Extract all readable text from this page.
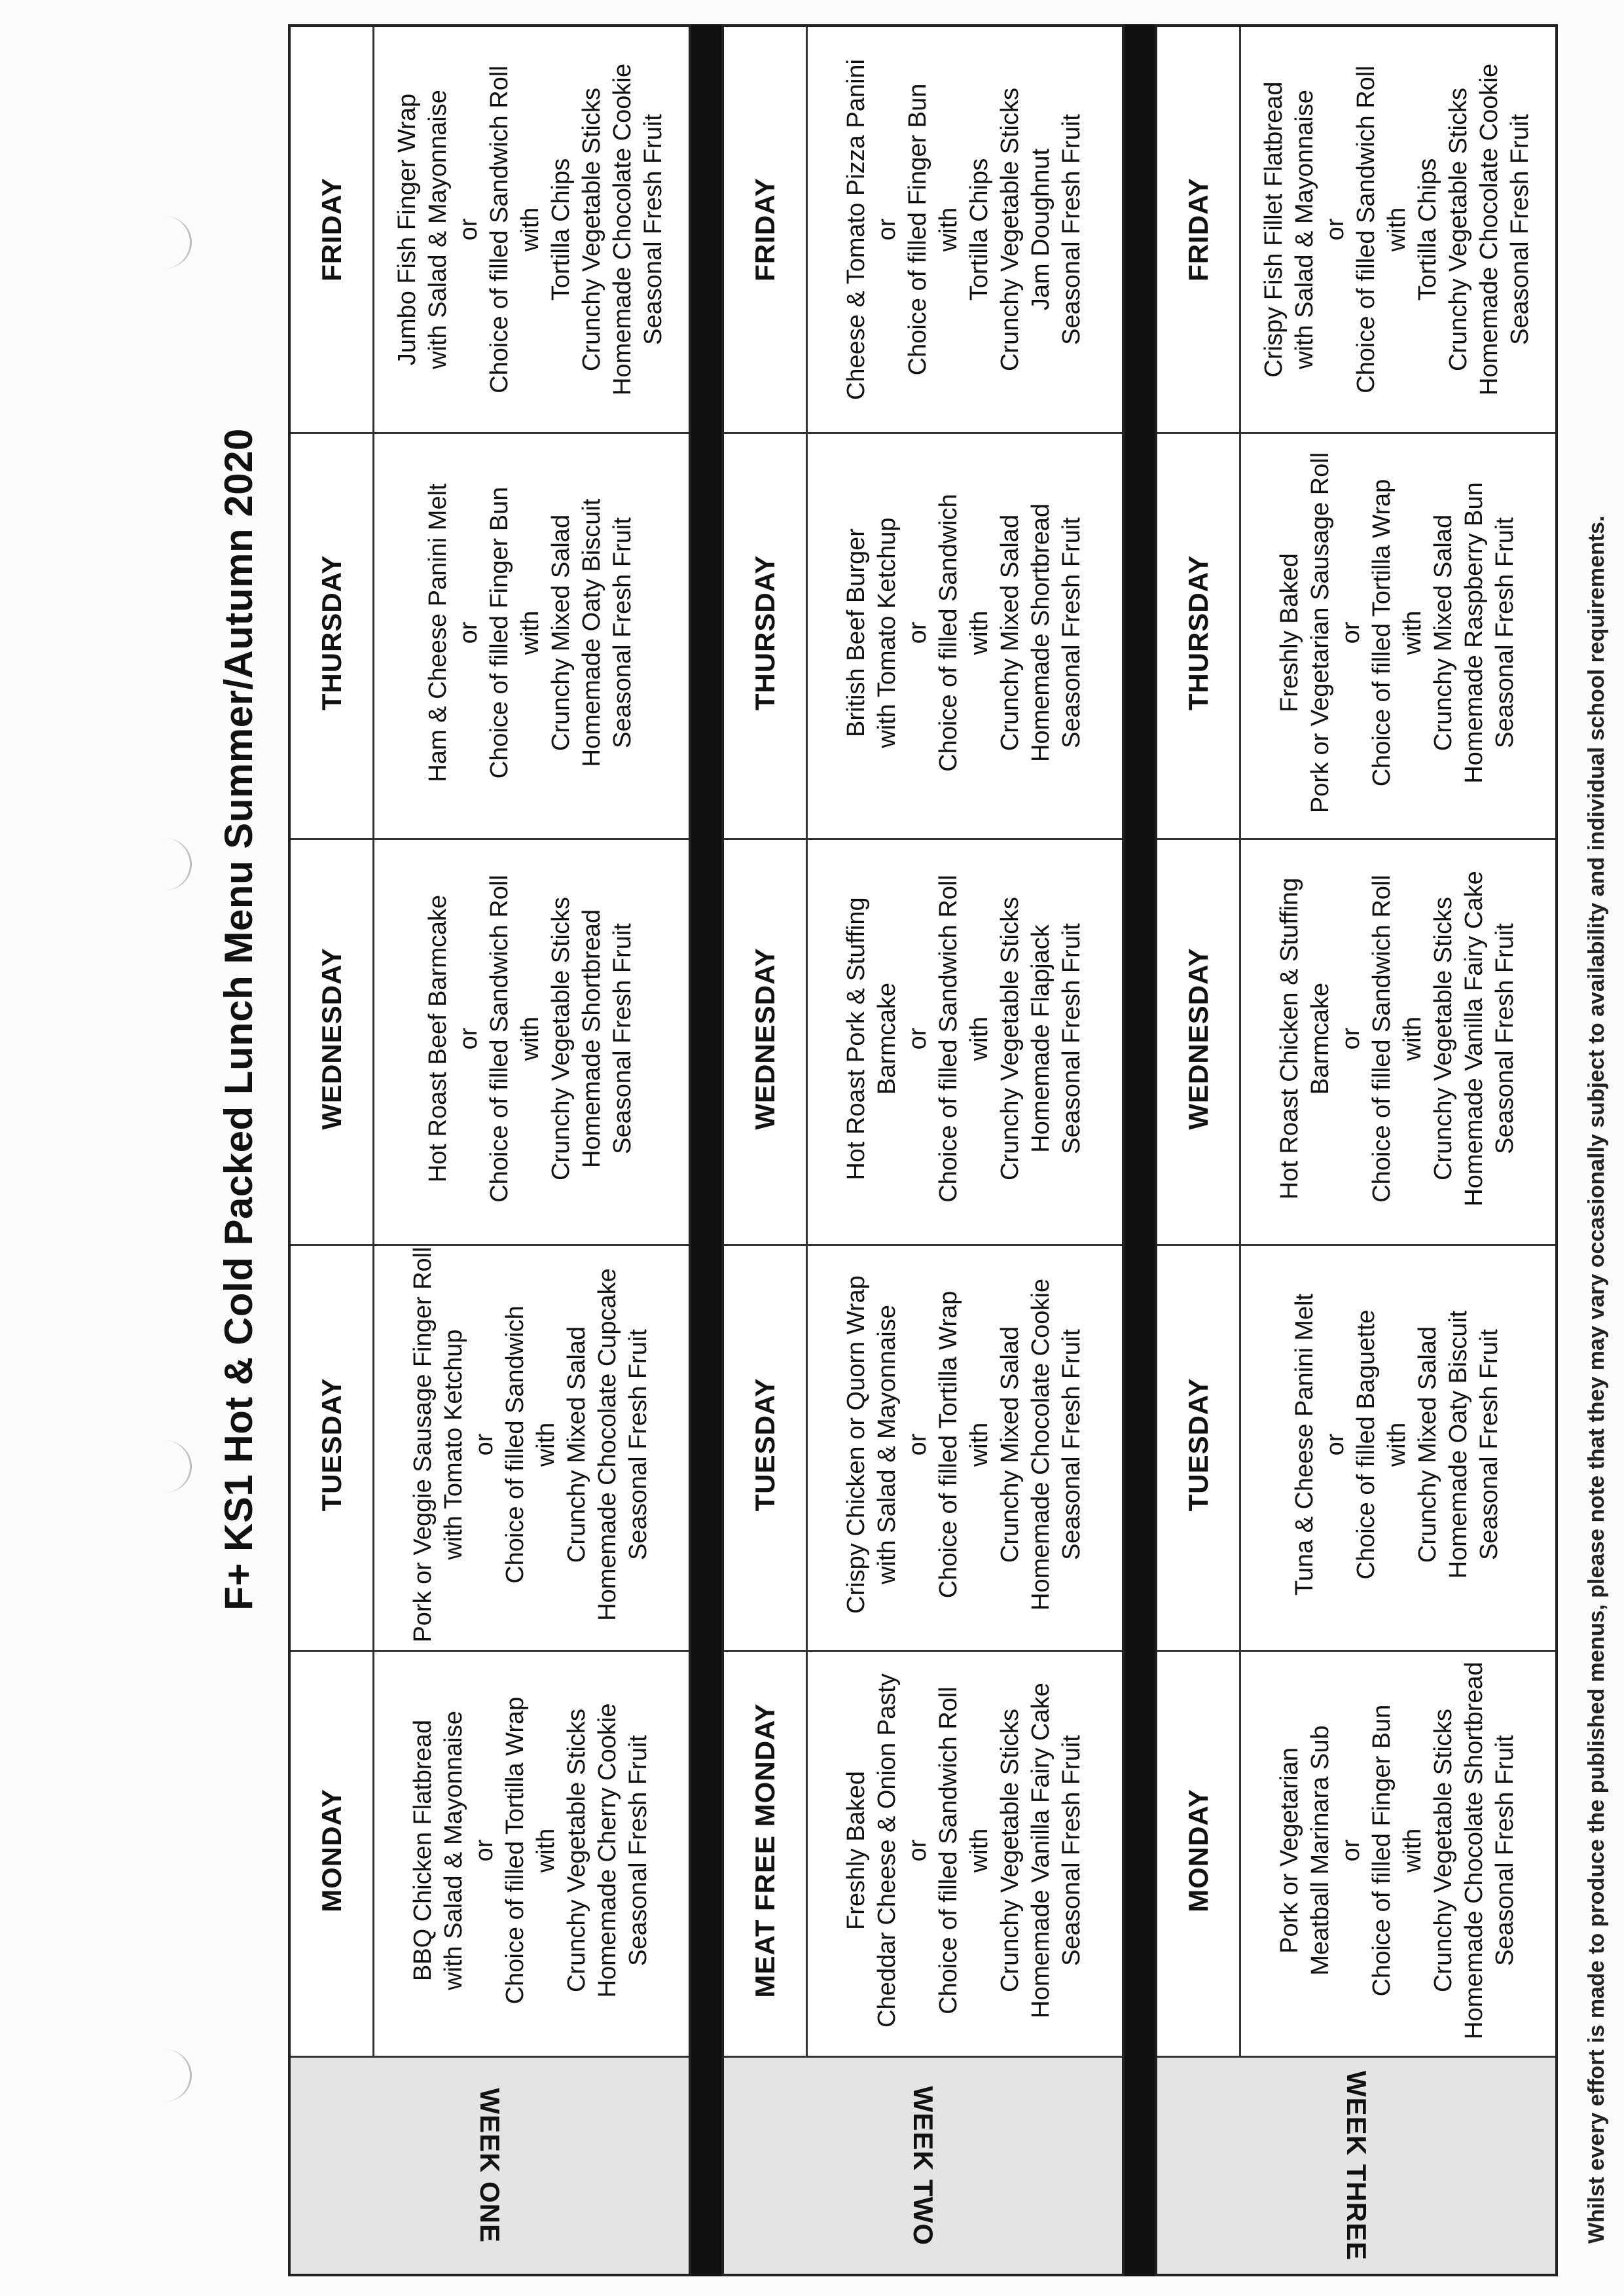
F+ KS1 Hot & Cold Packed Lunch Menu Summer/Autumn 2020
WEEK ONE
MONDAY	BBQ Chicken Flatbread with Salad & Mayonnaise or Choice of filled Tortilla Wrap with Crunchy Vegetable Sticks Homemade Cherry Cookie Seasonal Fresh Fruit
TUESDAY	Pork or Veggie Sausage Finger Roll with Tomato Ketchup or Choice of filled Sandwich with Crunchy Mixed Salad Homemade Chocolate Cupcake Seasonal Fresh Fruit
WEDNESDAY	Hot Roast Beef Barmcake or Choice of filled Sandwich Roll with Crunchy Vegetable Sticks Homemade Shortbread Seasonal Fresh Fruit
THURSDAY	Ham & Cheese Panini Melt or Choice of filled Finger Bun with Crunchy Mixed Salad Homemade Oaty Biscuit Seasonal Fresh Fruit
FRIDAY	Jumbo Fish Finger Wrap with Salad & Mayonnaise or Choice of filled Sandwich Roll with Tortilla Chips Crunchy Vegetable Sticks Homemade Chocolate Cookie Seasonal Fresh Fruit
WEEK TWO
MEAT FREE MONDAY	Freshly Baked Cheddar Cheese & Onion Pasty or Choice of filled Sandwich Roll with Crunchy Vegetable Sticks Homemade Vanilla Fairy Cake Seasonal Fresh Fruit
TUESDAY	Crispy Chicken or Quorn Wrap with Salad & Mayonnaise or Choice of filled Tortilla Wrap with Crunchy Mixed Salad Homemade Chocolate Cookie Seasonal Fresh Fruit
WEDNESDAY	Hot Roast Pork & Stuffing Barmcake or Choice of filled Sandwich Roll with Crunchy Vegetable Sticks Homemade Flapjack Seasonal Fresh Fruit
THURSDAY	British Beef Burger with Tomato Ketchup or Choice of filled Sandwich with Crunchy Mixed Salad Homemade Shortbread Seasonal Fresh Fruit
FRIDAY	Cheese & Tomato Pizza Panini or Choice of filled Finger Bun with Tortilla Chips Crunchy Vegetable Sticks Jam Doughnut Seasonal Fresh Fruit
WEEK THREE
MONDAY	Pork or Vegetarian Meatball Marinara Sub or Choice of filled Finger Bun with Crunchy Vegetable Sticks Homemade Chocolate Shortbread Seasonal Fresh Fruit
TUESDAY	Tuna & Cheese Panini Melt or Choice of filled Baguette with Crunchy Mixed Salad Homemade Oaty Biscuit Seasonal Fresh Fruit
WEDNESDAY	Hot Roast Chicken & Stuffing Barmcake or Choice of filled Sandwich Roll with Crunchy Vegetable Sticks Homemade Vanilla Fairy Cake Seasonal Fresh Fruit
THURSDAY	Freshly Baked Pork or Vegetarian Sausage Roll or Choice of filled Tortilla Wrap with Crunchy Mixed Salad Homemade Raspberry Bun Seasonal Fresh Fruit
FRIDAY	Crispy Fish Fillet Flatbread with Salad & Mayonnaise or Choice of filled Sandwich Roll with Tortilla Chips Crunchy Vegetable Sticks Homemade Chocolate Cookie Seasonal Fresh Fruit
Whilst every effort is made to produce the published menus, please note that they may vary occasionally subject to availability and individual school requirements.
